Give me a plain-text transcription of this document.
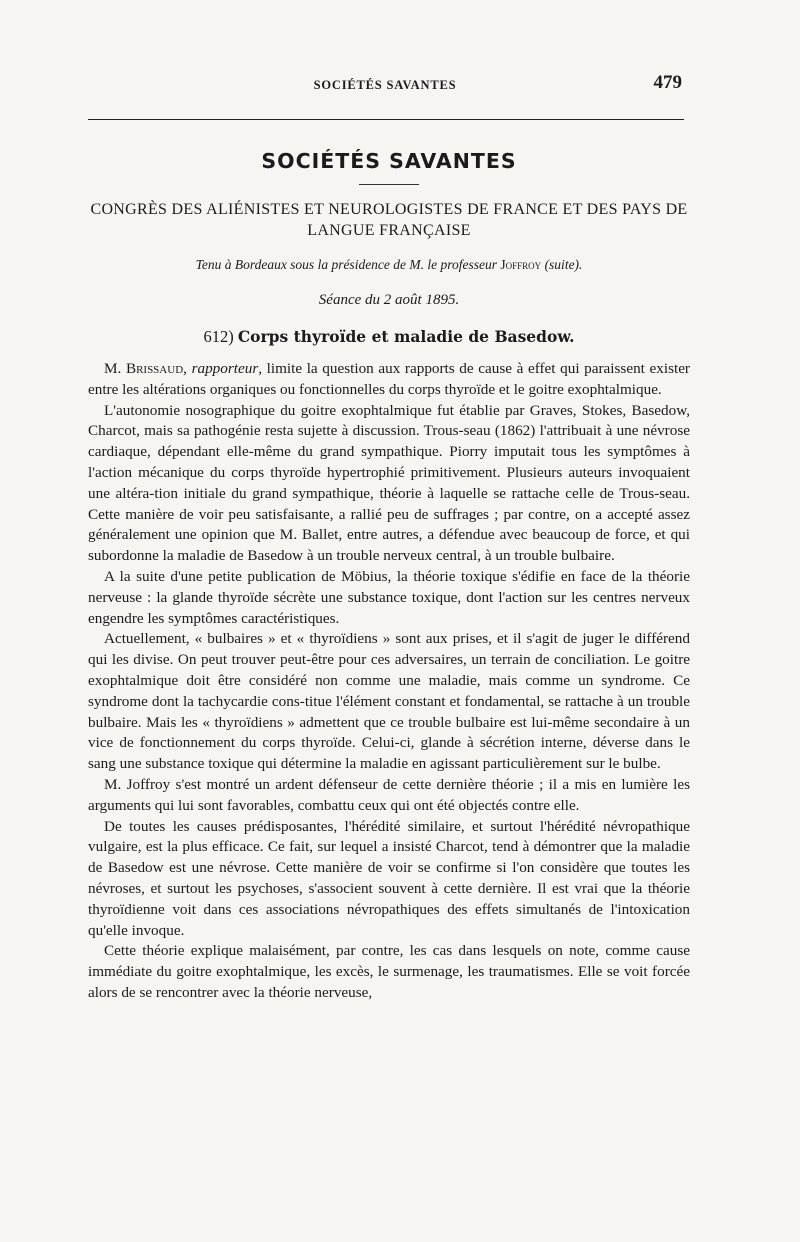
SOCIÉTÉS SAVANTES	479
SOCIÉTÉS SAVANTES

CONGRÈS DES ALIÉNISTES ET NEUROLOGISTES DE FRANCE ET DES PAYS DE LANGUE FRANÇAISE

Tenu à Bordeaux sous la présidence de M. le professeur Joffroy (suite).

Séance du 2 août 1895.

612) Corps thyroïde et maladie de Basedow.

M. Brissaud, rapporteur, limite la question aux rapports de cause à effet qui paraissent exister entre les altérations organiques ou fonctionnelles du corps thyroïde et le goitre exophtalmique.

L'autonomie nosographique du goitre exophtalmique fut établie par Graves, Stokes, Basedow, Charcot, mais sa pathogénie resta sujette à discussion. Trous-seau (1862) l'attribuait à une névrose cardiaque, dépendant elle-même du grand sympathique. Piorry imputait tous les symptômes à l'action mécanique du corps thyroïde hypertrophié primitivement. Plusieurs auteurs invoquaient une altéra-tion initiale du grand sympathique, théorie à laquelle se rattache celle de Trous-seau. Cette manière de voir peu satisfaisante, a rallié peu de suffrages ; par contre, on a accepté assez généralement une opinion que M. Ballet, entre autres, a défendue avec beaucoup de force, et qui subordonne la maladie de Basedow à un trouble nerveux central, à un trouble bulbaire.

A la suite d'une petite publication de Möbius, la théorie toxique s'édifie en face de la théorie nerveuse : la glande thyroïde sécrète une substance toxique, dont l'action sur les centres nerveux engendre les symptômes caractéristiques.

Actuellement, « bulbaires » et « thyroïdiens » sont aux prises, et il s'agit de juger le différend qui les divise. On peut trouver peut-être pour ces adversaires, un terrain de conciliation. Le goitre exophtalmique doit être considéré non comme une maladie, mais comme un syndrome. Ce syndrome dont la tachycardie cons-titue l'élément constant et fondamental, se rattache à un trouble bulbaire. Mais les « thyroïdiens » admettent que ce trouble bulbaire est lui-même secondaire à un vice de fonctionnement du corps thyroïde. Celui-ci, glande à sécrétion interne, déverse dans le sang une substance toxique qui détermine la maladie en agissant particulièrement sur le bulbe.

M. Joffroy s'est montré un ardent défenseur de cette dernière théorie ; il a mis en lumière les arguments qui lui sont favorables, combattu ceux qui ont été objectés contre elle.

De toutes les causes prédisposantes, l'hérédité similaire, et surtout l'hérédité névropathique vulgaire, est la plus efficace. Ce fait, sur lequel a insisté Charcot, tend à démontrer que la maladie de Basedow est une névrose. Cette manière de voir se confirme si l'on considère que toutes les névroses, et surtout les psychoses, s'associent souvent à cette dernière. Il est vrai que la théorie thyroïdienne voit dans ces associations névropathiques des effets simultanés de l'intoxication qu'elle invoque.

Cette théorie explique malaisément, par contre, les cas dans lesquels on note, comme cause immédiate du goitre exophtalmique, les excès, le surmenage, les traumatismes. Elle se voit forcée alors de se rencontrer avec la théorie nerveuse,
